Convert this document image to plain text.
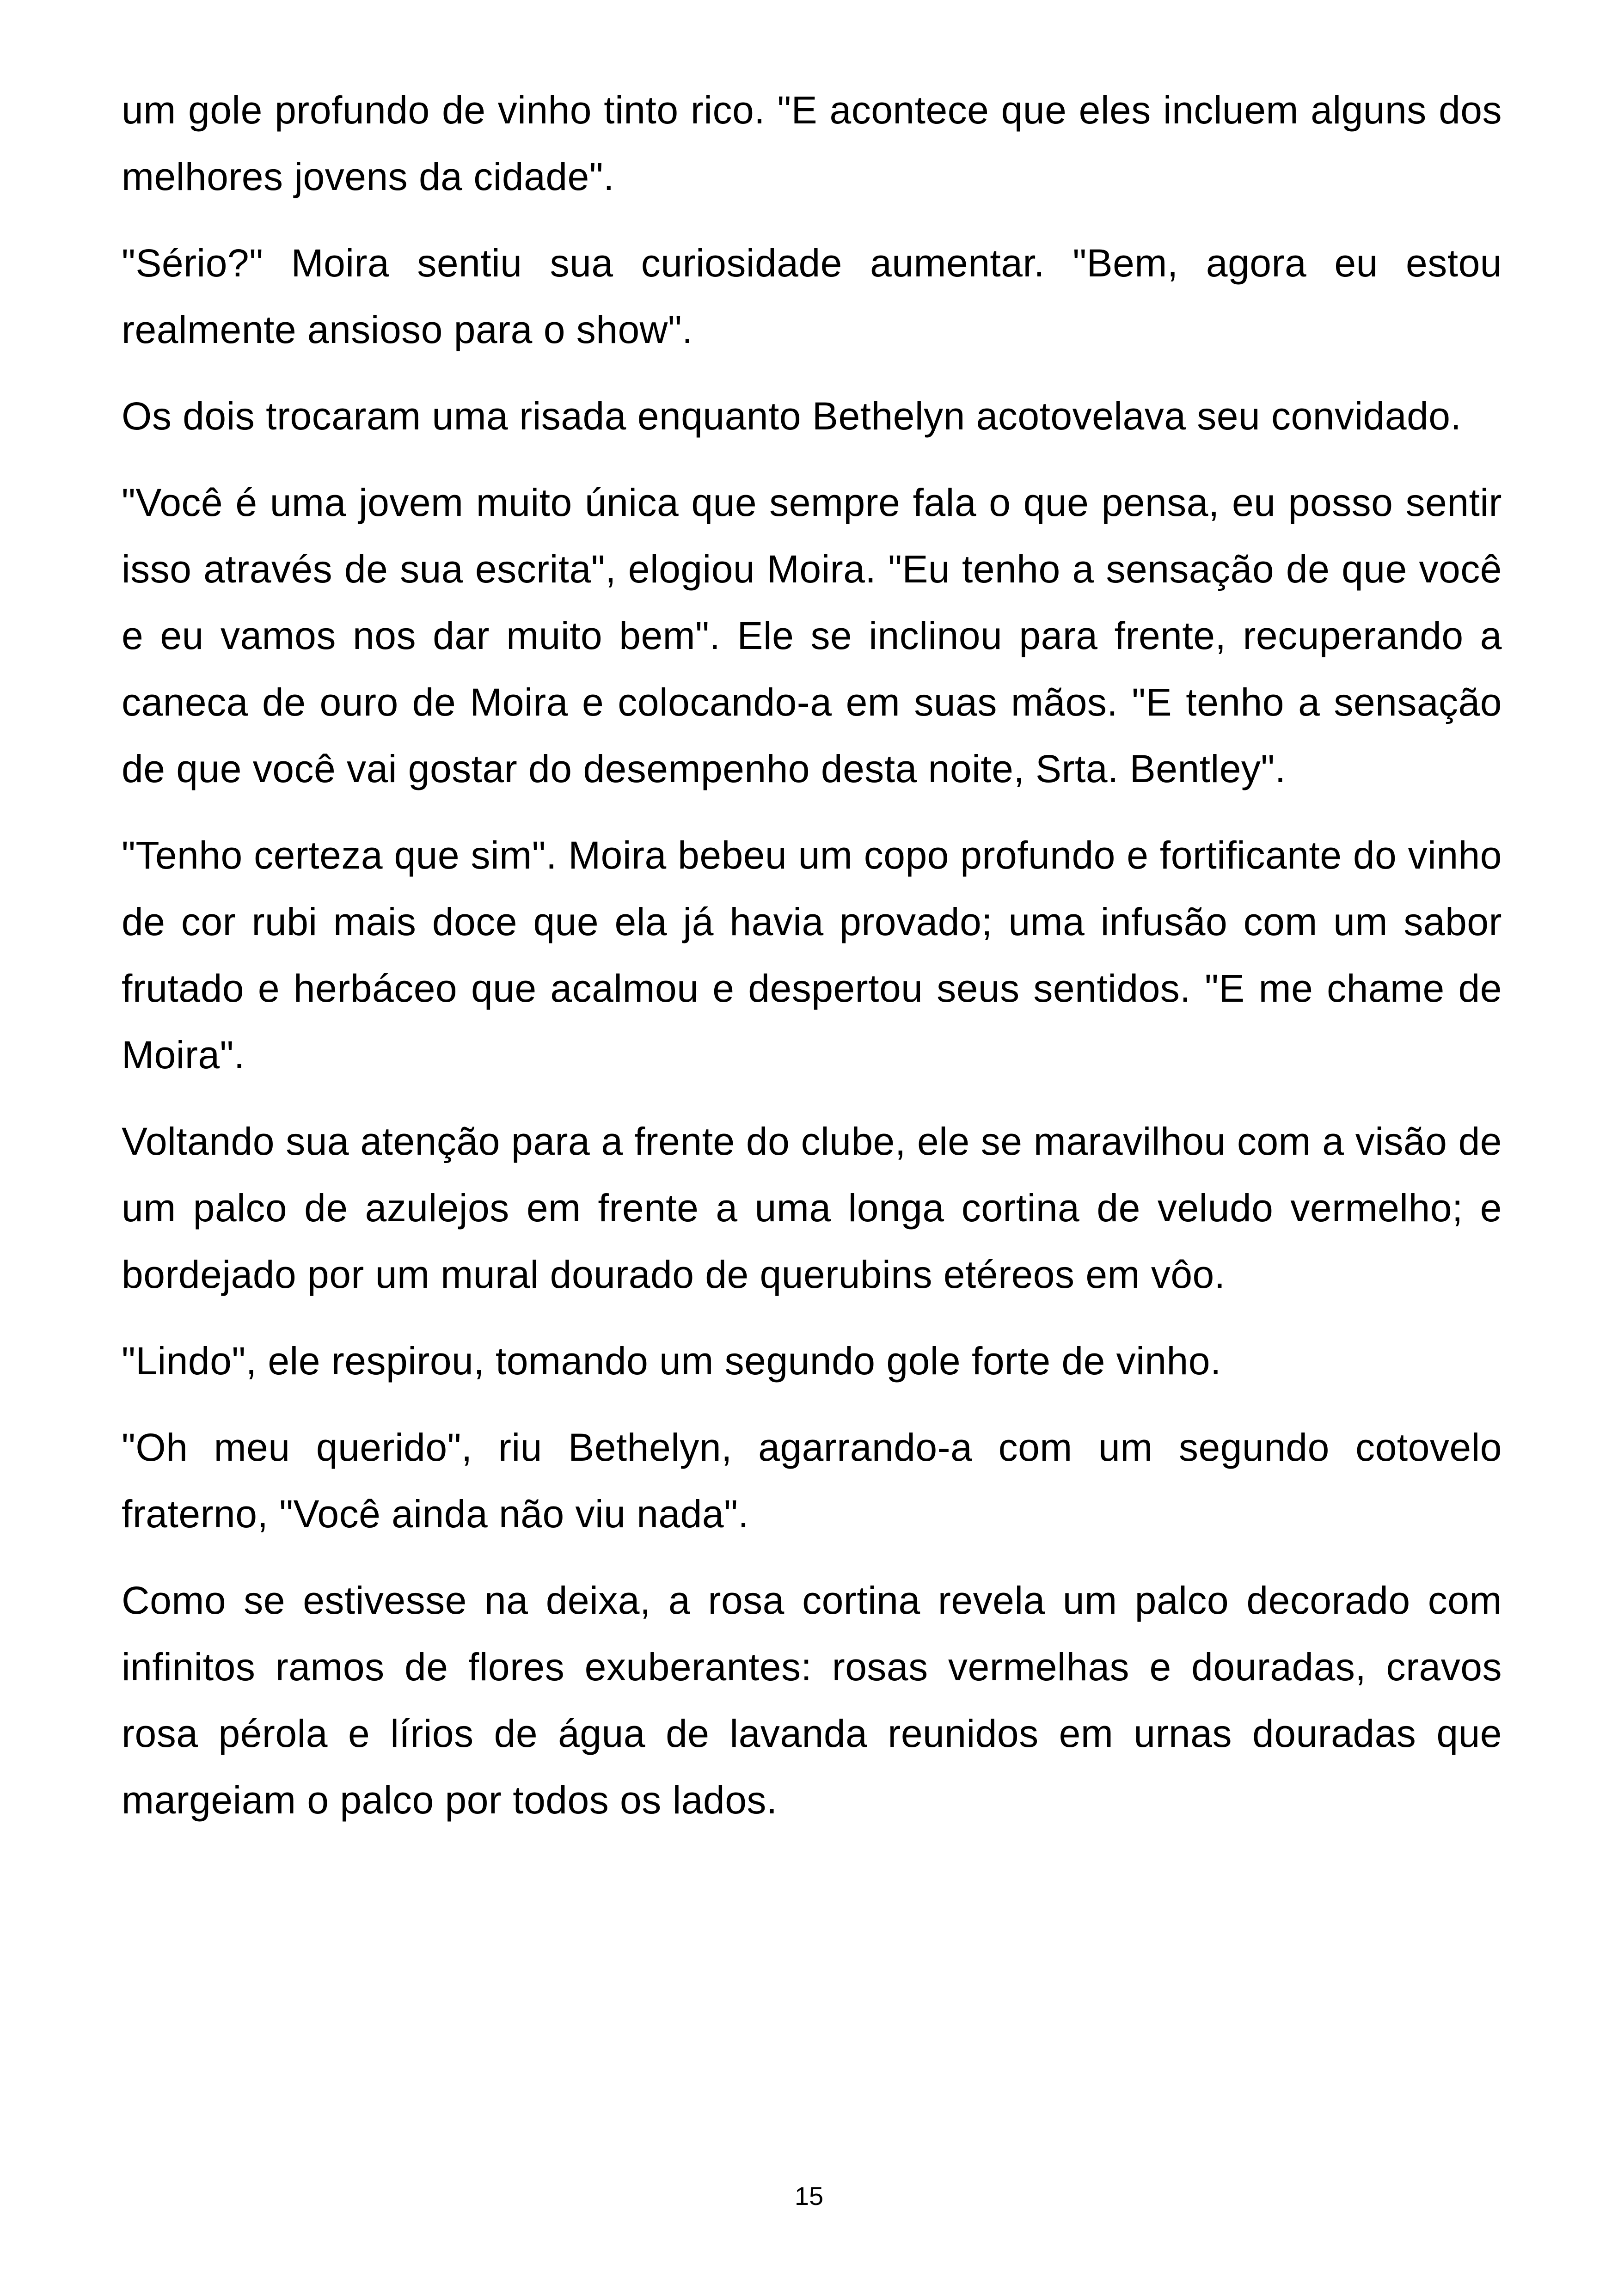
um gole profundo de vinho tinto rico. "E acontece que eles incluem alguns dos melhores jovens da cidade".

"Sério?" Moira sentiu sua curiosidade aumentar. "Bem, agora eu estou realmente ansioso para o show".

Os dois trocaram uma risada enquanto Bethelyn acotovelava seu convidado.

"Você é uma jovem muito única que sempre fala o que pensa, eu posso sentir isso através de sua escrita", elogiou Moira. "Eu tenho a sensação de que você e eu vamos nos dar muito bem". Ele se inclinou para frente, recuperando a caneca de ouro de Moira e colocando-a em suas mãos. "E tenho a sensação de que você vai gostar do desempenho desta noite, Srta. Bentley".

"Tenho certeza que sim". Moira bebeu um copo profundo e fortificante do vinho de cor rubi mais doce que ela já havia provado; uma infusão com um sabor frutado e herbáceo que acalmou e despertou seus sentidos. "E me chame de Moira".

Voltando sua atenção para a frente do clube, ele se maravilhou com a visão de um palco de azulejos em frente a uma longa cortina de veludo vermelho; e bordejado por um mural dourado de querubins etéreos em vôo.

"Lindo", ele respirou, tomando um segundo gole forte de vinho.

"Oh meu querido", riu Bethelyn, agarrando-a com um segundo cotovelo fraterno, "Você ainda não viu nada".

Como se estivesse na deixa, a rosa cortina revela um palco decorado com infinitos ramos de flores exuberantes: rosas vermelhas e douradas, cravos rosa pérola e lírios de água de lavanda reunidos em urnas douradas que margeiam o palco por todos os lados.

15
